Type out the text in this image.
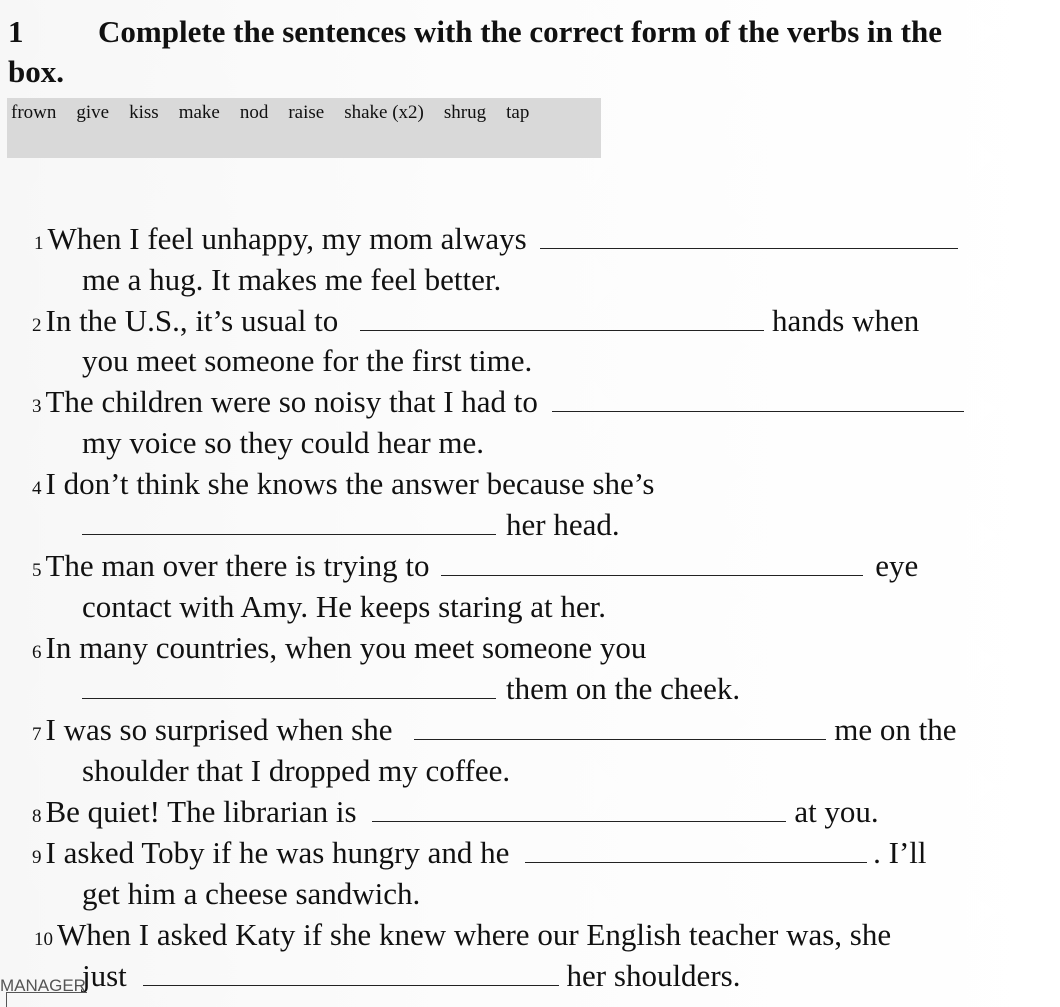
1 Complete the sentences with the correct form of the verbs in the
box.
frown give kiss make nod raise shake (x2) shrug tap
1 When I feel unhappy, my mom always
me a hug. It makes me feel better.
2 In the U.S., it’s usual to	hands when
you meet someone for the first time.
3 The children were so noisy that I had to
my voice so they could hear me.
4 I don’t think she knows the answer because she’s
her head.
5 The man over there is trying to	eye
contact with Amy. He keeps staring at her.
6 In many countries, when you meet someone you
them on the cheek.
7 I was so surprised when she	me on the
shoulder that I dropped my coffee.
8 Be quiet! The librarian is	at you.
9 I asked Toby if he was hungry and he	. I’ll
get him a cheese sandwich.
10 When I asked Katy if she knew where our English teacher was, she
just	her shoulders.
MANAGER
